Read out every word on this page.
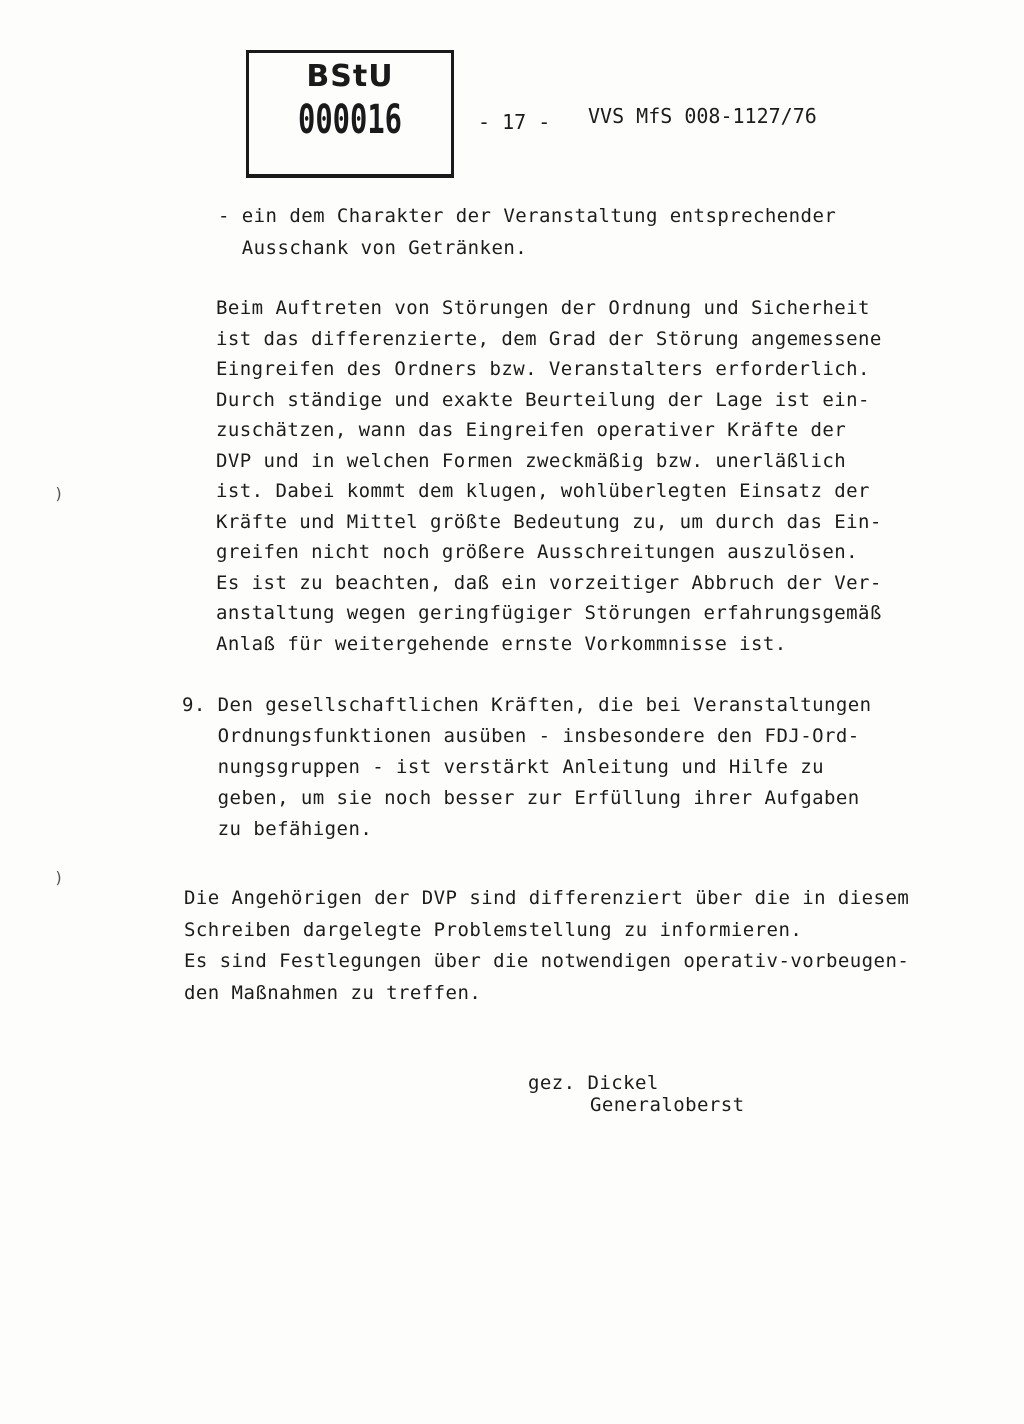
BStU
000016	- 17 - VVS MfS 008-1127/76
- ein dem Charakter der Veranstaltung entsprechender
Ausschank von Getränken.
Beim Auftreten von Störungen der Ordnung und Sicherheit
ist das differenzierte, dem Grad der Störung angemessene
Eingreifen des Ordners bzw. Veranstalters erforderlich.
Durch ständige und exakte Beurteilung der Lage ist ein-
zuschätzen, wann das Eingreifen operativer Kräfte der
DVP und in welchen Formen zweckmäßig bzw. unerläßlich
ist. Dabei kommt dem klugen, wohlüberlegten Einsatz der
Kräfte und Mittel größte Bedeutung zu, um durch das Ein-
greifen nicht noch größere Ausschreitungen auszulösen.
Es ist zu beachten, daß ein vorzeitiger Abbruch der Ver-
anstaltung wegen geringfügiger Störungen erfahrungsgemäß
Anlaß für weitergehende ernste Vorkommnisse ist.
9. Den gesellschaftlichen Kräften, die bei Veranstaltungen
Ordnungsfunktionen ausüben - insbesondere den FDJ-Ord-
nungsgruppen - ist verstärkt Anleitung und Hilfe zu
geben, um sie noch besser zur Erfüllung ihrer Aufgaben
zu befähigen.
Die Angehörigen der DVP sind differenziert über die in diesem
Schreiben dargelegte Problemstellung zu informieren.
Es sind Festlegungen über die notwendigen operativ-vorbeugen-
den Maßnahmen zu treffen.
gez. Dickel
Generaloberst
)
)
